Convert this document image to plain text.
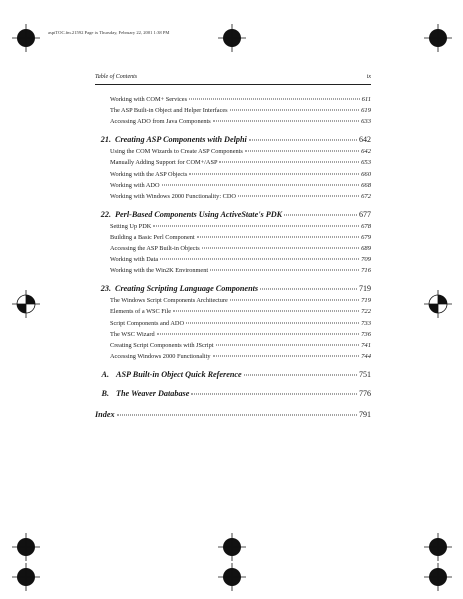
aspiTOC.fm.21592 Page ix Thursday, February 22, 2001 1:38 PM
Table of Contents	ix
Working with COM+ Services	611
The ASP Built-in Object and Helper Interfaces	619
Accessing ADO from Java Components	633
21. Creating ASP Components with Delphi	642
Using the COM Wizards to Create ASP Components	642
Manually Adding Support for COM+/ASP	653
Working with the ASP Objects	660
Working with ADO	668
Working with Windows 2000 Functionality: CDO	672
22. Perl-Based Components Using ActiveState's PDK	677
Setting Up PDK	678
Building a Basic Perl Component	679
Accessing the ASP Built-in Objects	689
Working with Data	709
Working with the Win2K Environment	716
23. Creating Scripting Language Components	719
The Windows Script Components Architecture	719
Elements of a WSC File	722
Script Components and ADO	733
The WSC Wizard	736
Creating Script Components with JScript	741
Accessing Windows 2000 Functionality	744
A. ASP Built-in Object Quick Reference	751
B. The Weaver Database	776
Index	791
